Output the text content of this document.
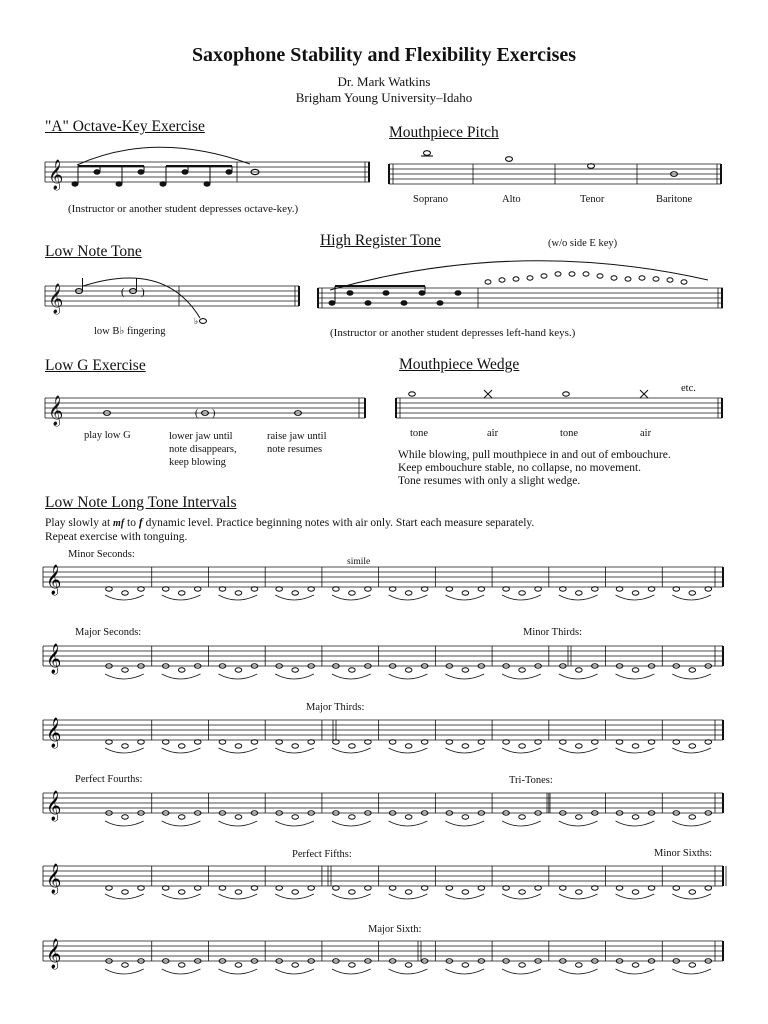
Saxophone Stability and Flexibility Exercises
Dr. Mark Watkins
Brigham Young University–Idaho
"A" Octave-Key Exercise
𝄞
(Instructor or another student depresses octave-key.)
Mouthpiece Pitch
Soprano	Alto	Tenor	Baritone
Low Note Tone
𝄞	( )
♭
low B♭ fingering
High Register Tone	(w/o side E key)
(Instructor or another student depresses left-hand keys.)
Low G Exercise
𝄞	( )
play low G	lower jaw until
note disappears,
keep blowing
raise jaw until
note resumes
Mouthpiece Wedge
etc.
tone	air	tone	air
While blowing, pull mouthpiece in and out of embouchure.
Keep embouchure stable, no collapse, no movement.
Tone resumes with only a slight wedge.
Low Note Long Tone Intervals
Play slowly at mf to f dynamic level. Practice beginning notes with air only. Start each measure separately.
Repeat exercise with tonguing.
simile
Minor Seconds:
Major Seconds:	Minor Thirds:
Major Thirds:
Perfect Fourths:	Tri-Tones:
Perfect Fifths:	Minor Sixths:
Major Sixth:
𝄞
𝄞
𝄞
𝄞
𝄞
𝄞
